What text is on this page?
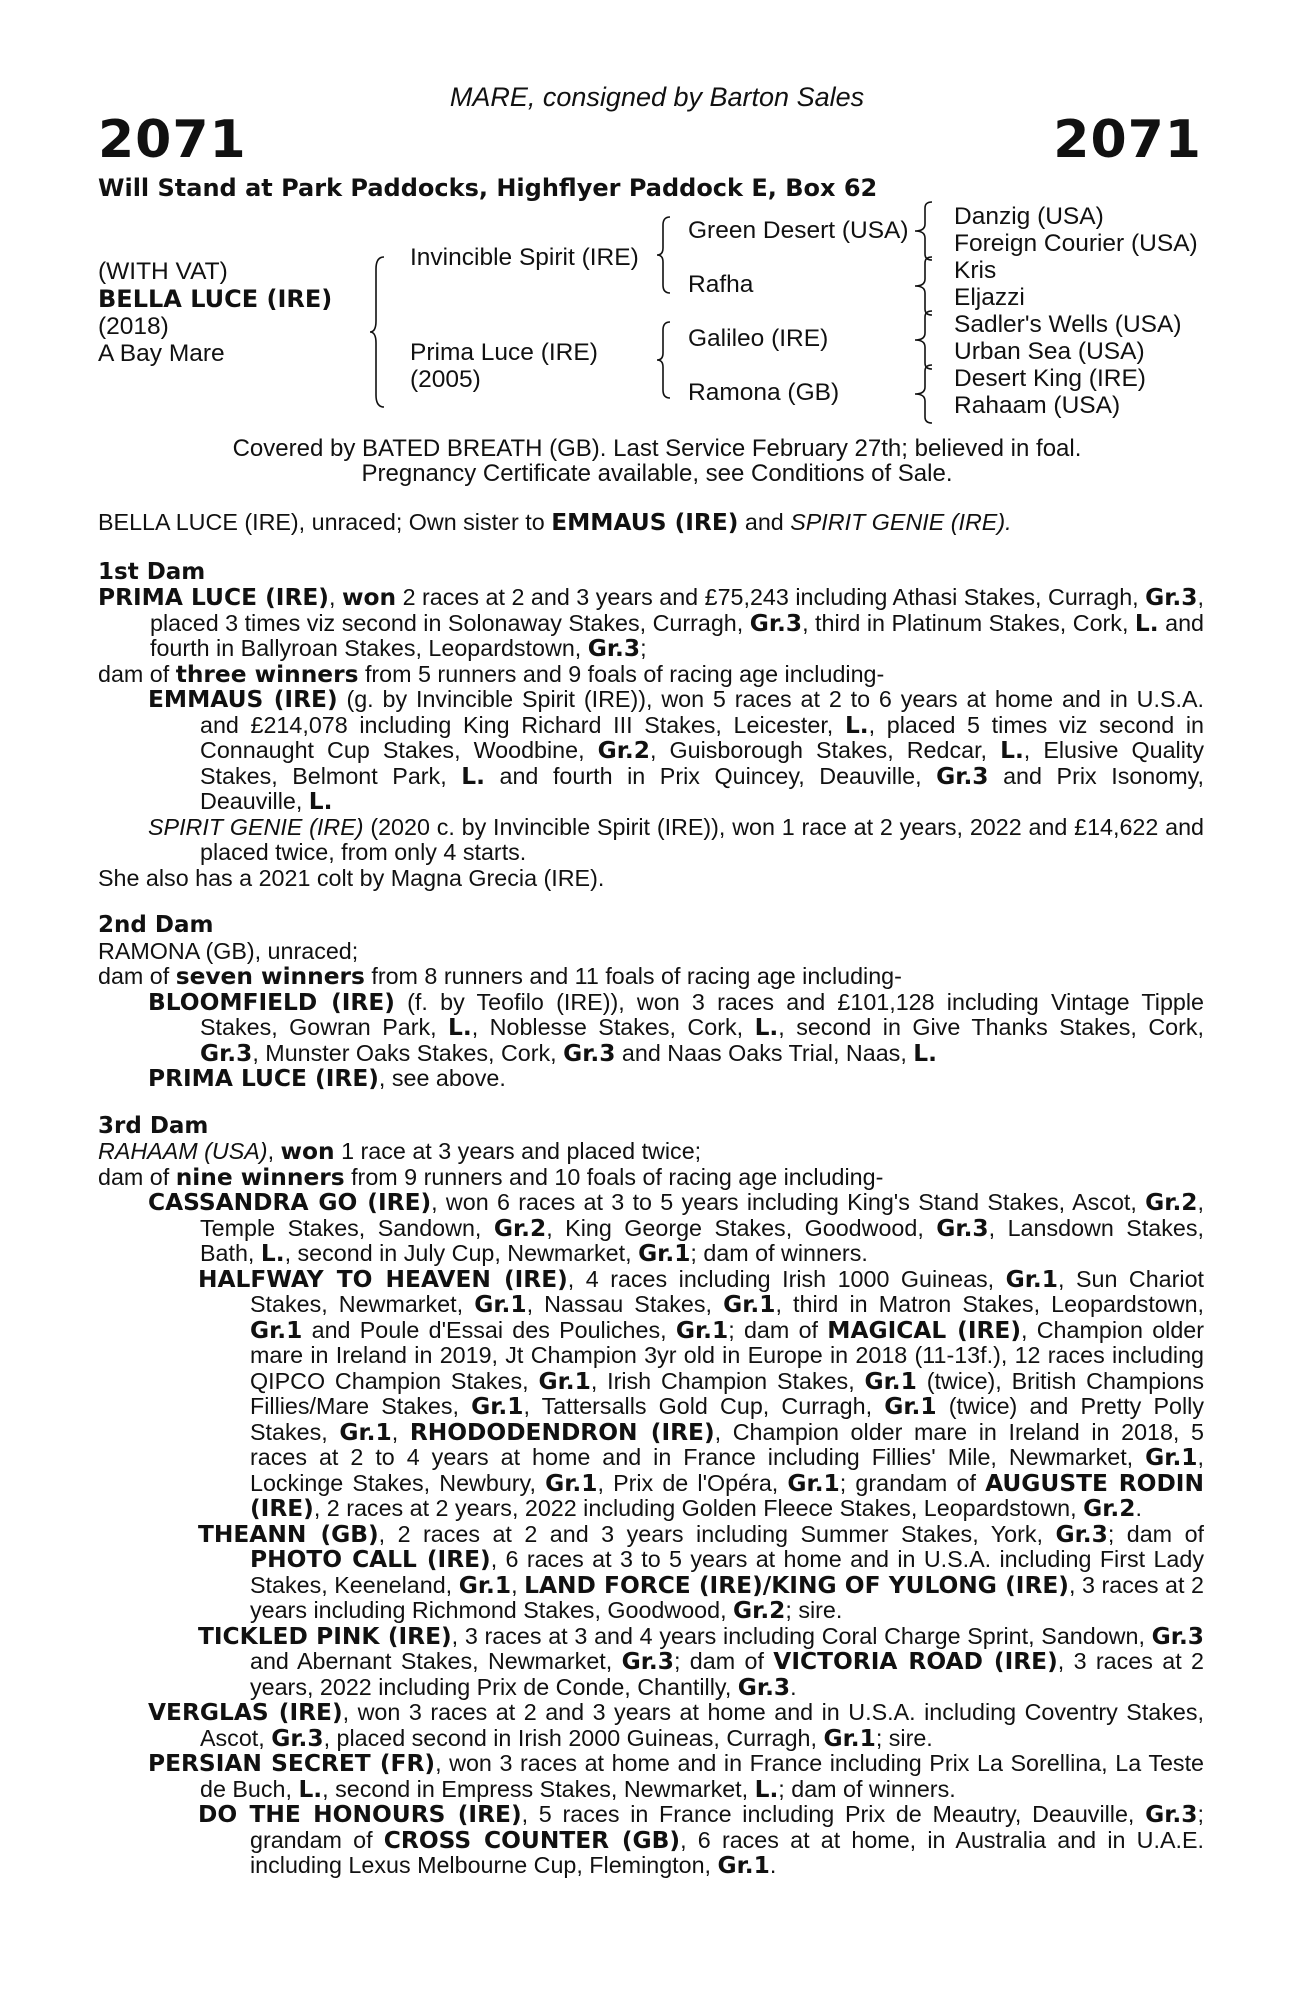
MARE, consigned by Barton Sales
2071	2071
Will Stand at Park Paddocks, Highflyer Paddock E, Box 62
(WITH VAT)
BELLA LUCE (IRE)
(2018)
A Bay Mare
Invincible Spirit (IRE)
Prima Luce (IRE)
(2005)
Green Desert (USA)
Rafha
Galileo (IRE)
Ramona (GB)
Danzig (USA)
Foreign Courier (USA)
Kris
Eljazzi
Sadler's Wells (USA)
Urban Sea (USA)
Desert King (IRE)
Rahaam (USA)
Covered by BATED BREATH (GB). Last Service February 27th; believed in foal.
Pregnancy Certificate available, see Conditions of Sale.

BELLA LUCE (IRE), unraced; Own sister to EMMAUS (IRE) and SPIRIT GENIE (IRE).

1st Dam

PRIMA LUCE (IRE), won 2 races at 2 and 3 years and £75,243 including Athasi Stakes, Curragh, Gr.3, placed 3 times viz second in Solonaway Stakes, Curragh, Gr.3, third in Platinum Stakes, Cork, L. and fourth in Ballyroan Stakes, Leopardstown, Gr.3;

dam of three winners from 5 runners and 9 foals of racing age including-

EMMAUS (IRE) (g. by Invincible Spirit (IRE)), won 5 races at 2 to 6 years at home and in U.S.A. and £214,078 including King Richard III Stakes, Leicester, L., placed 5 times viz second in Connaught Cup Stakes, Woodbine, Gr.2, Guisborough Stakes, Redcar, L., Elusive Quality Stakes, Belmont Park, L. and fourth in Prix Quincey, Deauville, Gr.3 and Prix Isonomy, Deauville, L.

SPIRIT GENIE (IRE) (2020 c. by Invincible Spirit (IRE)), won 1 race at 2 years, 2022 and £14,622 and placed twice, from only 4 starts.

She also has a 2021 colt by Magna Grecia (IRE).

2nd Dam

RAMONA (GB), unraced;

dam of seven winners from 8 runners and 11 foals of racing age including-

BLOOMFIELD (IRE) (f. by Teofilo (IRE)), won 3 races and £101,128 including Vintage Tipple Stakes, Gowran Park, L., Noblesse Stakes, Cork, L., second in Give Thanks Stakes, Cork, Gr.3, Munster Oaks Stakes, Cork, Gr.3 and Naas Oaks Trial, Naas, L.

PRIMA LUCE (IRE), see above.

3rd Dam

RAHAAM (USA), won 1 race at 3 years and placed twice;

dam of nine winners from 9 runners and 10 foals of racing age including-

CASSANDRA GO (IRE), won 6 races at 3 to 5 years including King's Stand Stakes, Ascot, Gr.2, Temple Stakes, Sandown, Gr.2, King George Stakes, Goodwood, Gr.3, Lansdown Stakes, Bath, L., second in July Cup, Newmarket, Gr.1; dam of winners.

HALFWAY TO HEAVEN (IRE), 4 races including Irish 1000 Guineas, Gr.1, Sun Chariot Stakes, Newmarket, Gr.1, Nassau Stakes, Gr.1, third in Matron Stakes, Leopardstown, Gr.1 and Poule d'Essai des Pouliches, Gr.1; dam of MAGICAL (IRE), Champion older mare in Ireland in 2019, Jt Champion 3yr old in Europe in 2018 (11-13f.), 12 races including QIPCO Champion Stakes, Gr.1, Irish Champion Stakes, Gr.1 (twice), British Champions Fillies/Mare Stakes, Gr.1, Tattersalls Gold Cup, Curragh, Gr.1 (twice) and Pretty Polly Stakes, Gr.1, RHODODENDRON (IRE), Champion older mare in Ireland in 2018, 5 races at 2 to 4 years at home and in France including Fillies' Mile, Newmarket, Gr.1, Lockinge Stakes, Newbury, Gr.1, Prix de l'Opéra, Gr.1; grandam of AUGUSTE RODIN (IRE), 2 races at 2 years, 2022 including Golden Fleece Stakes, Leopardstown, Gr.2.

THEANN (GB), 2 races at 2 and 3 years including Summer Stakes, York, Gr.3; dam of PHOTO CALL (IRE), 6 races at 3 to 5 years at home and in U.S.A. including First Lady Stakes, Keeneland, Gr.1, LAND FORCE (IRE)/KING OF YULONG (IRE), 3 races at 2 years including Richmond Stakes, Goodwood, Gr.2; sire.

TICKLED PINK (IRE), 3 races at 3 and 4 years including Coral Charge Sprint, Sandown, Gr.3 and Abernant Stakes, Newmarket, Gr.3; dam of VICTORIA ROAD (IRE), 3 races at 2 years, 2022 including Prix de Conde, Chantilly, Gr.3.

VERGLAS (IRE), won 3 races at 2 and 3 years at home and in U.S.A. including Coventry Stakes, Ascot, Gr.3, placed second in Irish 2000 Guineas, Curragh, Gr.1; sire.

PERSIAN SECRET (FR), won 3 races at home and in France including Prix La Sorellina, La Teste de Buch, L., second in Empress Stakes, Newmarket, L.; dam of winners.

DO THE HONOURS (IRE), 5 races in France including Prix de Meautry, Deauville, Gr.3; grandam of CROSS COUNTER (GB), 6 races at at home, in Australia and in U.A.E. including Lexus Melbourne Cup, Flemington, Gr.1.
